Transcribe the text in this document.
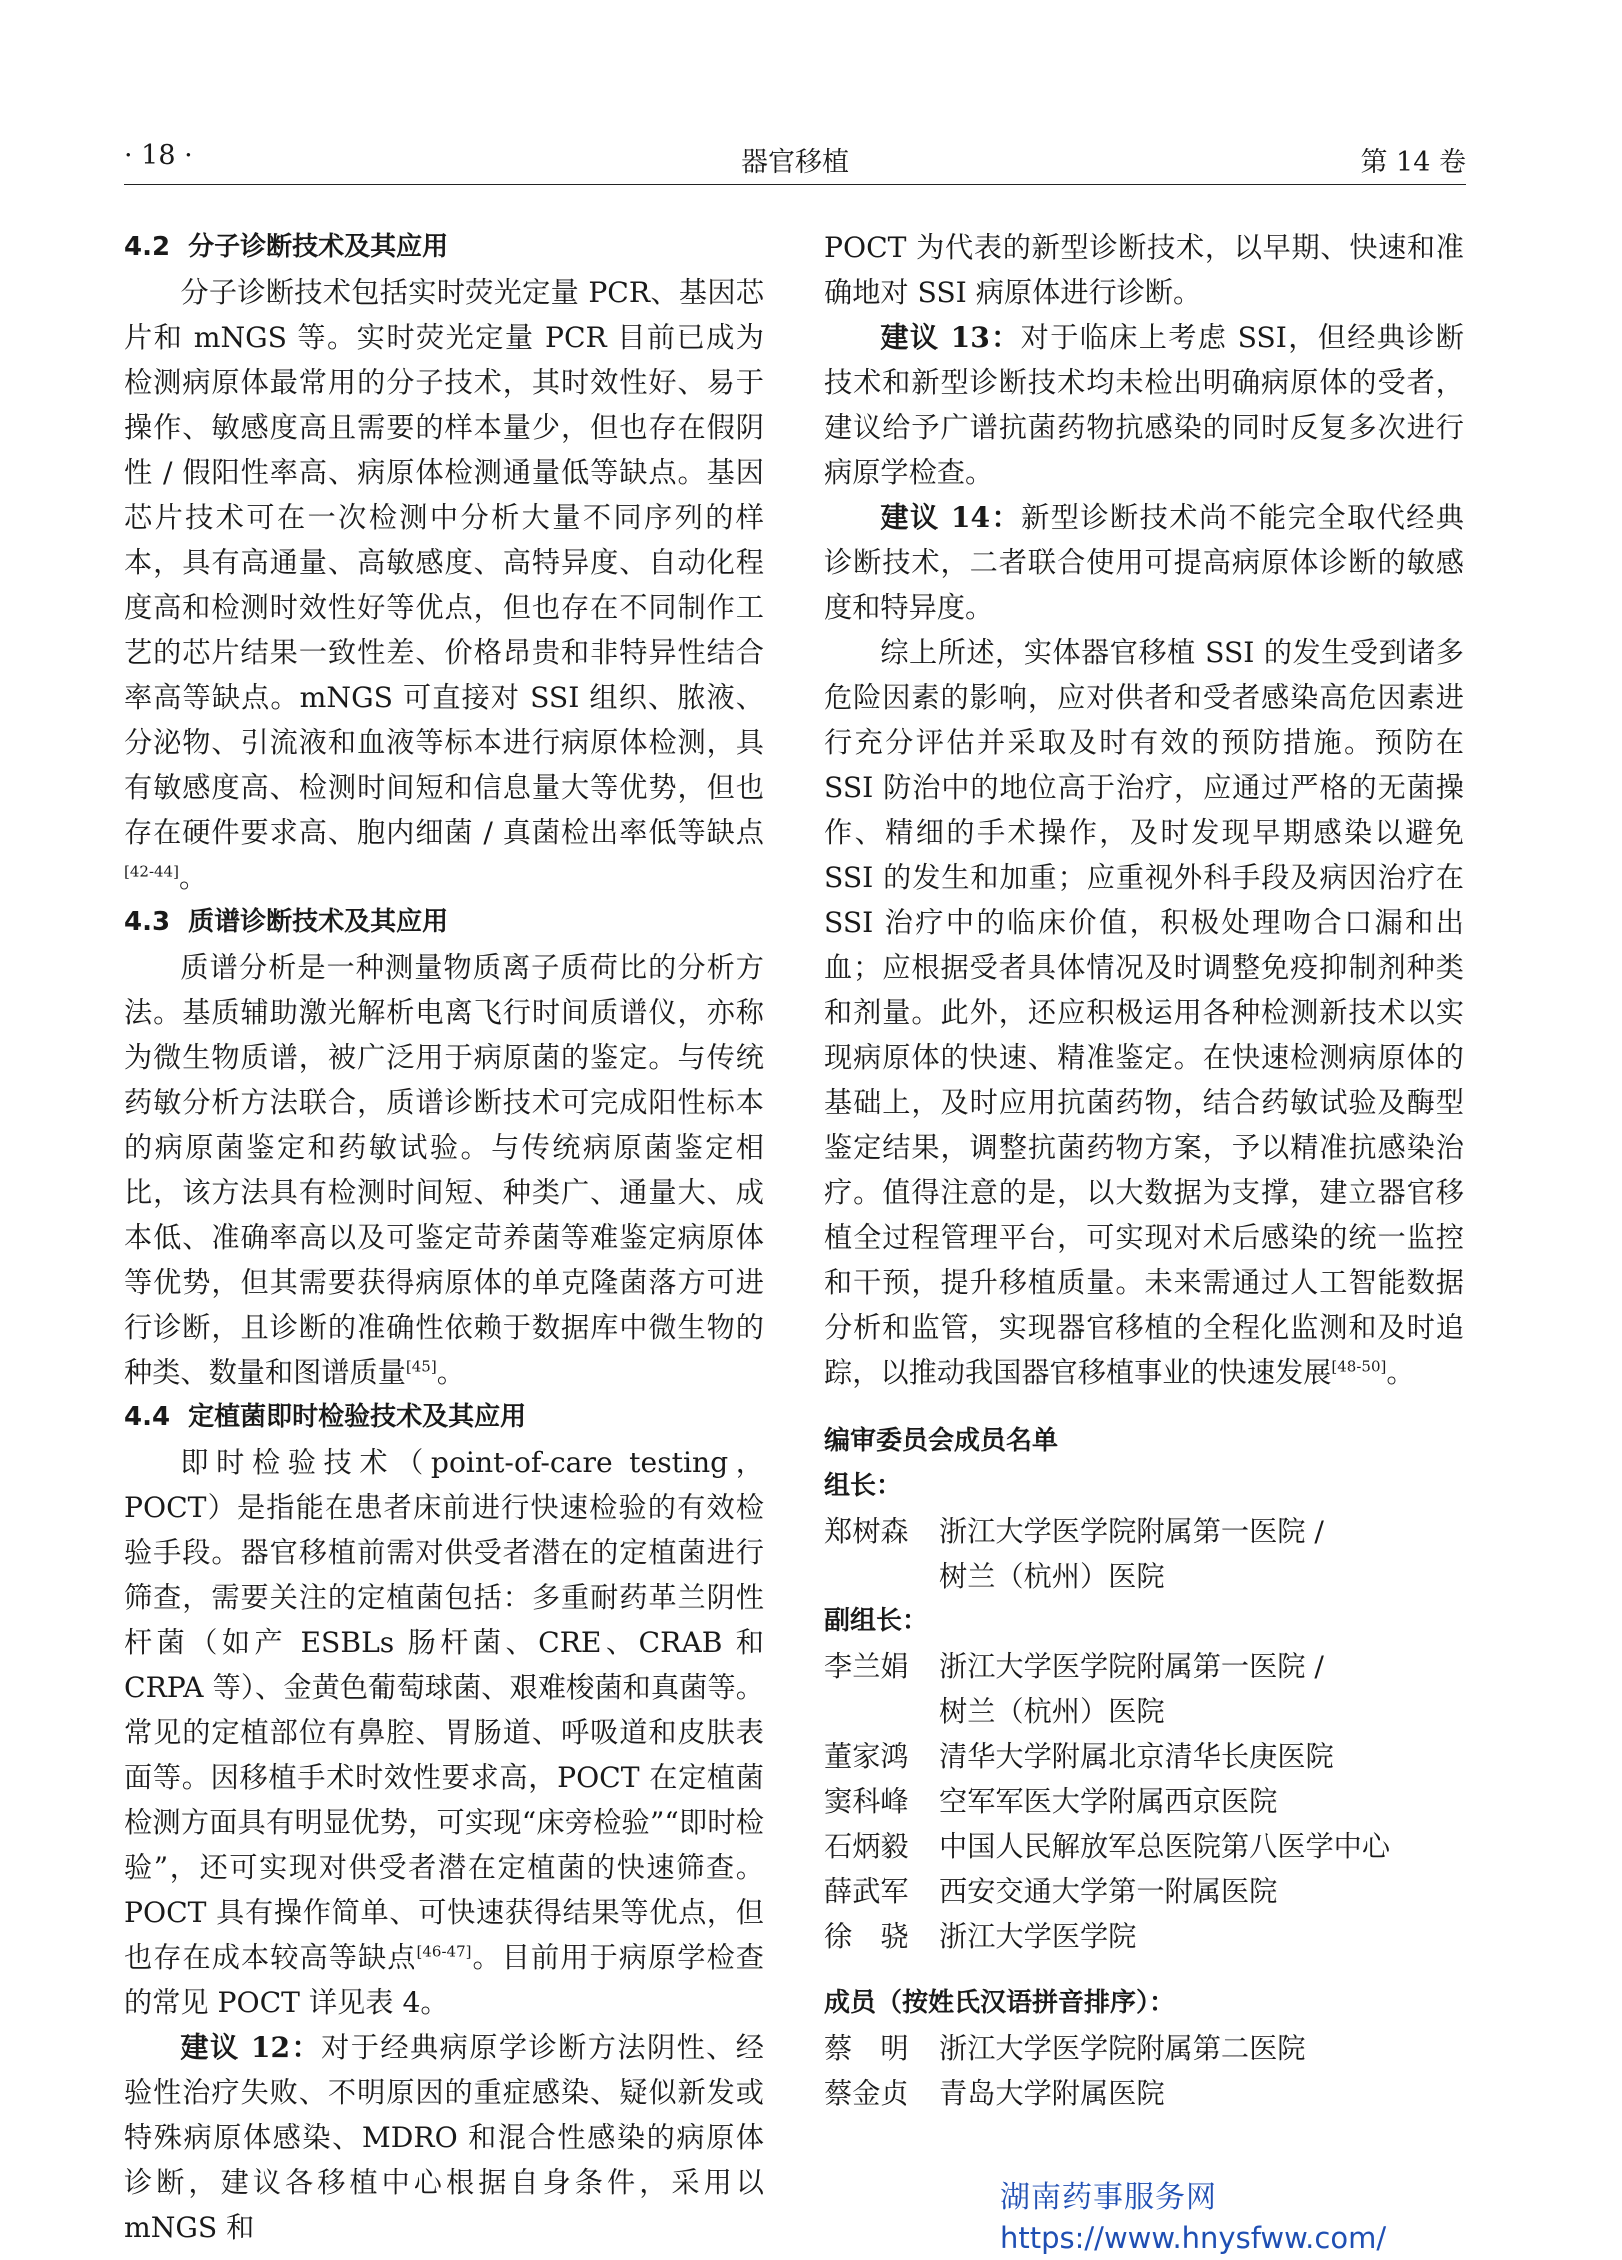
· 18 ·	器官移植	第 14 卷
4.2 分子诊断技术及其应用

分子诊断技术包括实时荧光定量 PCR、基因芯片和 mNGS 等。实时荧光定量 PCR 目前已成为检测病原体最常用的分子技术，其时效性好、易于操作、敏感度高且需要的样本量少，但也存在假阴性 / 假阳性率高、病原体检测通量低等缺点。基因芯片技术可在一次检测中分析大量不同序列的样本，具有高通量、高敏感度、高特异度、自动化程度高和检测时效性好等优点，但也存在不同制作工艺的芯片结果一致性差、价格昂贵和非特异性结合率高等缺点。mNGS 可直接对 SSI 组织、脓液、分泌物、引流液和血液等标本进行病原体检测，具有敏感度高、检测时间短和信息量大等优势，但也存在硬件要求高、胞内细菌 / 真菌检出率低等缺点[42-44]。

4.3 质谱诊断技术及其应用

质谱分析是一种测量物质离子质荷比的分析方法。基质辅助激光解析电离飞行时间质谱仪，亦称为微生物质谱，被广泛用于病原菌的鉴定。与传统药敏分析方法联合，质谱诊断技术可完成阳性标本的病原菌鉴定和药敏试验。与传统病原菌鉴定相比，该方法具有检测时间短、种类广、通量大、成本低、准确率高以及可鉴定苛养菌等难鉴定病原体等优势，但其需要获得病原体的单克隆菌落方可进行诊断，且诊断的准确性依赖于数据库中微生物的种类、数量和图谱质量[45]。

4.4 定植菌即时检验技术及其应用

即时检验技术（point-of-care testing，POCT）是指能在患者床前进行快速检验的有效检验手段。器官移植前需对供受者潜在的定植菌进行筛查，需要关注的定植菌包括：多重耐药革兰阴性杆菌（如产 ESBLs 肠杆菌、CRE、CRAB 和 CRPA 等）、金黄色葡萄球菌、艰难梭菌和真菌等。常见的定植部位有鼻腔、胃肠道、呼吸道和皮肤表面等。因移植手术时效性要求高，POCT 在定植菌检测方面具有明显优势，可实现“床旁检验”“即时检验”，还可实现对供受者潜在定植菌的快速筛查。POCT 具有操作简单、可快速获得结果等优点，但也存在成本较高等缺点[46-47]。目前用于病原学检查的常见 POCT 详见表 4。

建议 12：对于经典病原学诊断方法阴性、经验性治疗失败、不明原因的重症感染、疑似新发或特殊病原体感染、MDRO 和混合性感染的病原体诊断，建议各移植中心根据自身条件，采用以 mNGS 和

POCT 为代表的新型诊断技术，以早期、快速和准确地对 SSI 病原体进行诊断。

建议 13：对于临床上考虑 SSI，但经典诊断技术和新型诊断技术均未检出明确病原体的受者，建议给予广谱抗菌药物抗感染的同时反复多次进行病原学检查。

建议 14：新型诊断技术尚不能完全取代经典诊断技术，二者联合使用可提高病原体诊断的敏感度和特异度。

综上所述，实体器官移植 SSI 的发生受到诸多危险因素的影响，应对供者和受者感染高危因素进行充分评估并采取及时有效的预防措施。预防在 SSI 防治中的地位高于治疗，应通过严格的无菌操作、精细的手术操作，及时发现早期感染以避免 SSI 的发生和加重；应重视外科手段及病因治疗在 SSI 治疗中的临床价值，积极处理吻合口漏和出血；应根据受者具体情况及时调整免疫抑制剂种类和剂量。此外，还应积极运用各种检测新技术以实现病原体的快速、精准鉴定。在快速检测病原体的基础上，及时应用抗菌药物，结合药敏试验及酶型鉴定结果，调整抗菌药物方案，予以精准抗感染治疗。值得注意的是，以大数据为支撑，建立器官移植全过程管理平台，可实现对术后感染的统一监控和干预，提升移植质量。未来需通过人工智能数据分析和监管，实现器官移植的全程化监测和及时追踪，以推动我国器官移植事业的快速发展[48-50]。

编审委员会成员名单
组长：
郑树森	浙江大学医学院附属第一医院 /
树兰（杭州）医院
副组长：
李兰娟	浙江大学医学院附属第一医院 /
树兰（杭州）医院
董家鸿	清华大学附属北京清华长庚医院
窦科峰	空军军医大学附属西京医院
石炳毅	中国人民解放军总医院第八医学中心
薛武军	西安交通大学第一附属医院
徐　骁	浙江大学医学院
成员（按姓氏汉语拼音排序）：
蔡　明	浙江大学医学院附属第二医院
蔡金贞	青岛大学附属医院
湖南药事服务网
https://www.hnysfww.com/
